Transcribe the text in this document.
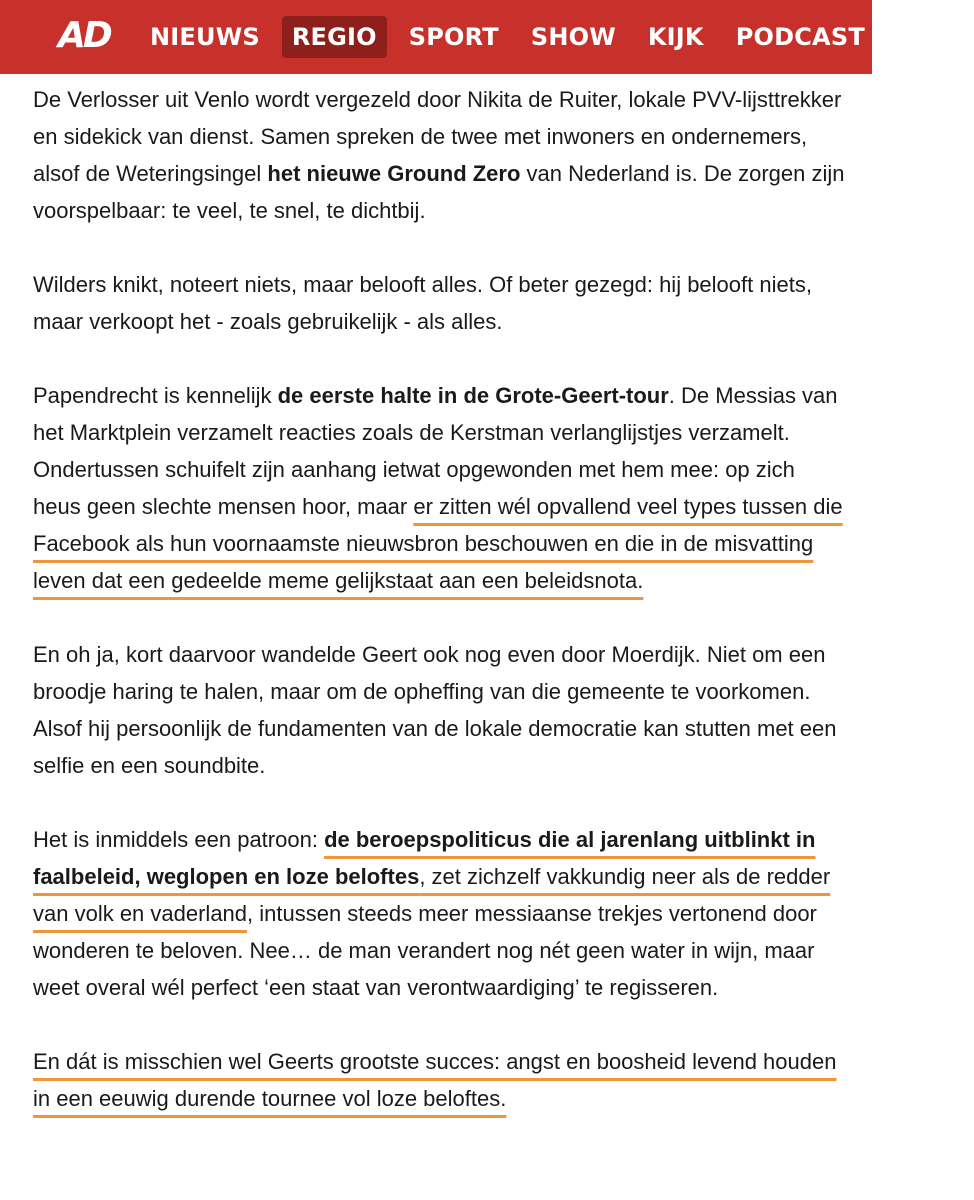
AD	NIEUWS	REGIO	SPORT	SHOW	KIJK	PODCAST	PUZ

De Verlosser uit Venlo wordt vergezeld door Nikita de Ruiter, lokale PVV-lijsttrekker en sidekick van dienst. Samen spreken de twee met inwoners en ondernemers, alsof de Weteringsingel het nieuwe Ground Zero van Nederland is. De zorgen zijn voorspelbaar: te veel, te snel, te dichtbij.

Wilders knikt, noteert niets, maar belooft alles. Of beter gezegd: hij belooft niets, maar verkoopt het - zoals gebruikelijk - als alles.

Papendrecht is kennelijk de eerste halte in de Grote-Geert-tour. De Messias van het Marktplein verzamelt reacties zoals de Kerstman verlanglijstjes verzamelt. Ondertussen schuifelt zijn aanhang ietwat opgewonden met hem mee: op zich heus geen slechte mensen hoor, maar er zitten wél opvallend veel types tussen die Facebook als hun voornaamste nieuwsbron beschouwen en die in de misvatting leven dat een gedeelde meme gelijkstaat aan een beleidsnota.

En oh ja, kort daarvoor wandelde Geert ook nog even door Moerdijk. Niet om een broodje haring te halen, maar om de opheffing van die gemeente te voorkomen. Alsof hij persoonlijk de fundamenten van de lokale democratie kan stutten met een selfie en een soundbite.

Het is inmiddels een patroon: de beroepspoliticus die al jarenlang uitblinkt in faalbeleid, weglopen en loze beloftes, zet zichzelf vakkundig neer als de redder van volk en vaderland, intussen steeds meer messiaanse trekjes vertonend door wonderen te beloven. Nee… de man verandert nog nét geen water in wijn, maar weet overal wél perfect ‘een staat van verontwaardiging’ te regisseren.

En dát is misschien wel Geerts grootste succes: angst en boosheid levend houden in een eeuwig durende tournee vol loze beloftes.
